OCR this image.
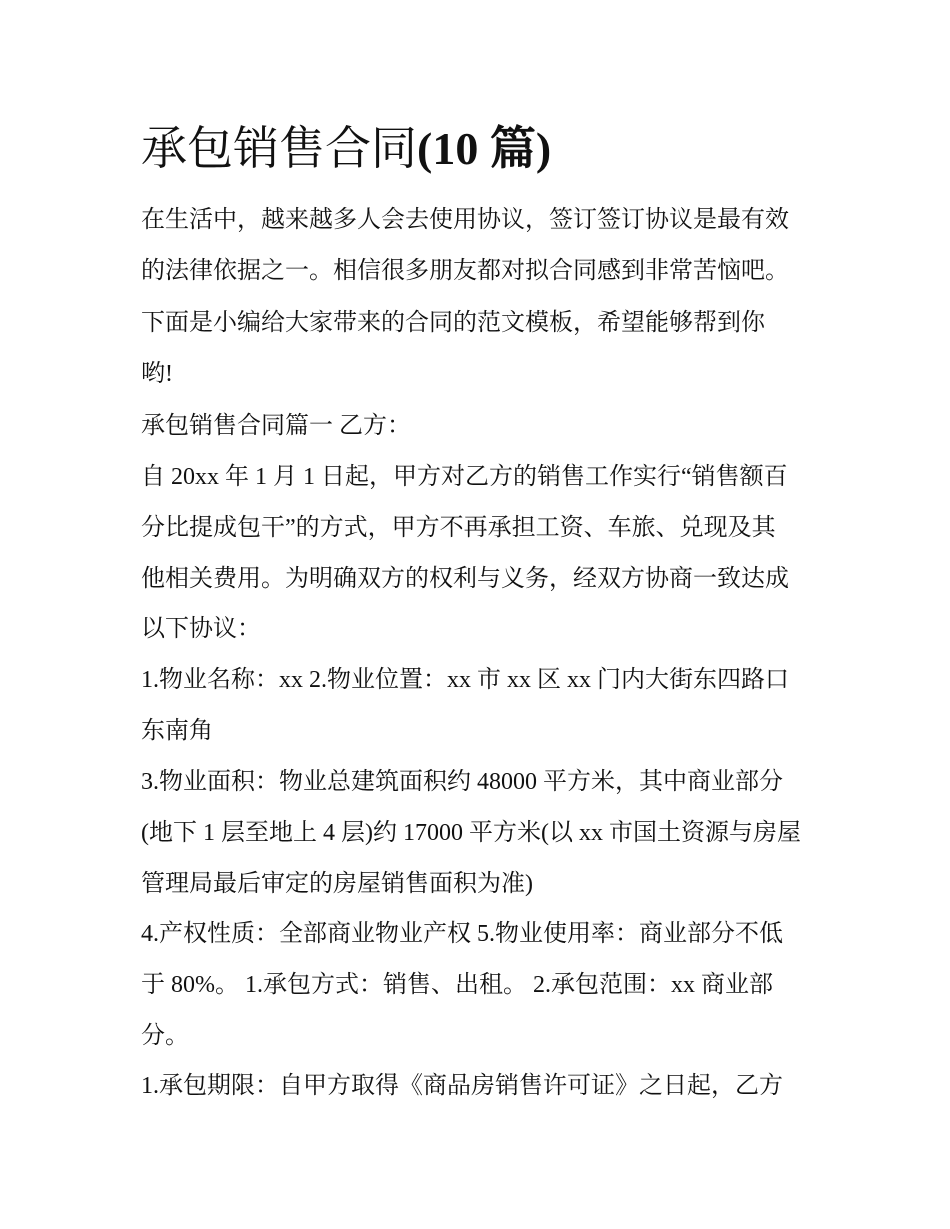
承包销售合同(10 篇)

在生活中，越来越多人会去使用协议，签订签订协议是最有效

的法律依据之一。相信很多朋友都对拟合同感到非常苦恼吧。

下面是小编给大家带来的合同的范文模板，希望能够帮到你

哟!

承包销售合同篇一 乙方：

自 20xx 年 1 月 1 日起，甲方对乙方的销售工作实行“销售额百

分比提成包干”的方式，甲方不再承担工资、车旅、兑现及其

他相关费用。为明确双方的权利与义务，经双方协商一致达成

以下协议：

1.物业名称：xx 2.物业位置：xx 市 xx 区 xx 门内大街东四路口

东南角

3.物业面积：物业总建筑面积约 48000 平方米，其中商业部分

(地下 1 层至地上 4 层)约 17000 平方米(以 xx 市国土资源与房屋

管理局最后审定的房屋销售面积为准)

4.产权性质：全部商业物业产权 5.物业使用率：商业部分不低

于 80%。 1.承包方式：销售、出租。 2.承包范围：xx 商业部

分。

1.承包期限：自甲方取得《商品房销售许可证》之日起，乙方
